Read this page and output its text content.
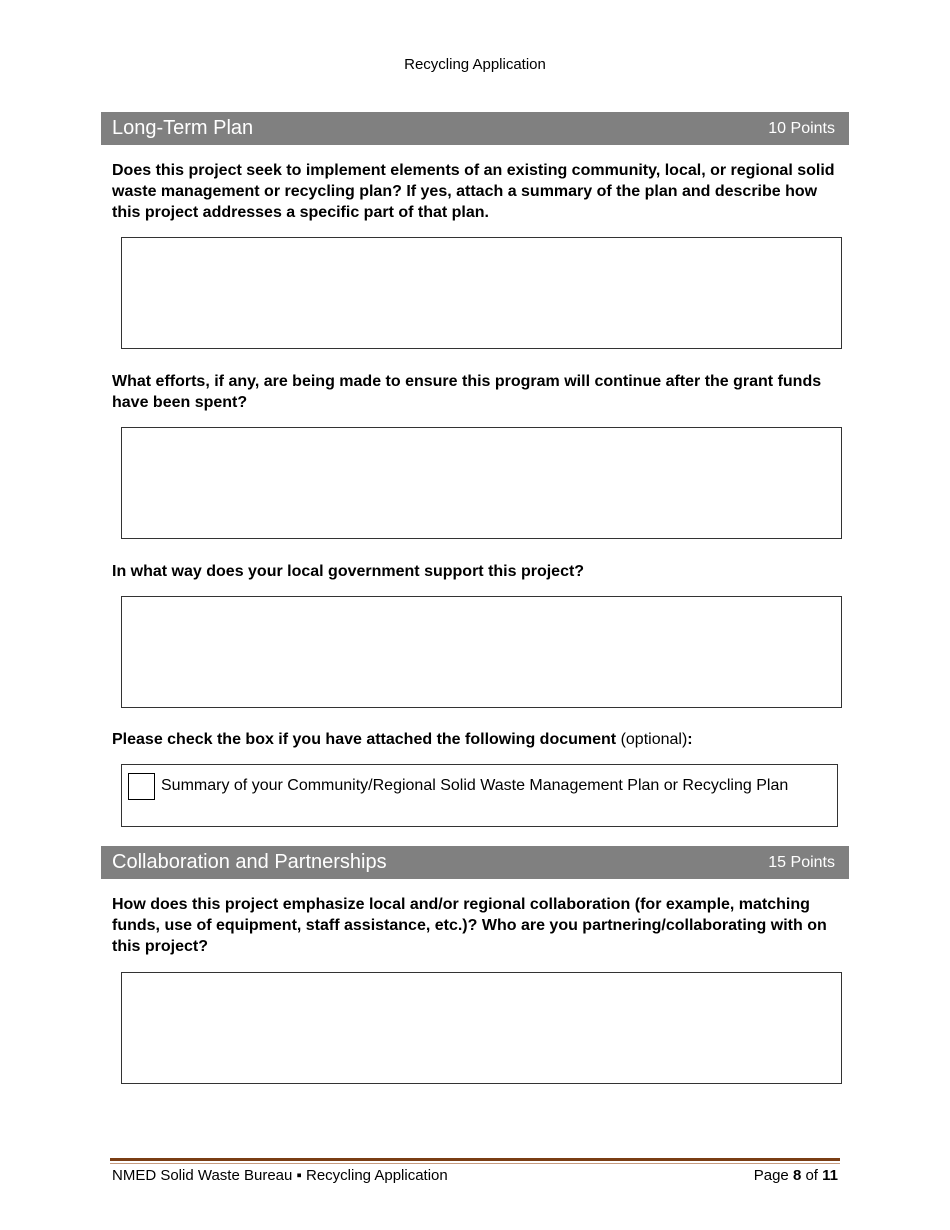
Recycling Application
Long-Term Plan	10 Points
Does this project seek to implement elements of an existing community, local, or regional solid waste management or recycling plan? If yes, attach a summary of the plan and describe how this project addresses a specific part of that plan.
What efforts, if any, are being made to ensure this program will continue after the grant funds have been spent?
In what way does your local government support this project?
Please check the box if you have attached the following document (optional):
Summary of your Community/Regional Solid Waste Management Plan or Recycling Plan
Collaboration and Partnerships	15 Points
How does this project emphasize local and/or regional collaboration (for example, matching funds, use of equipment, staff assistance, etc.)? Who are you partnering/collaborating with on this project?
NMED Solid Waste Bureau ▪ Recycling Application	Page 8 of 11
